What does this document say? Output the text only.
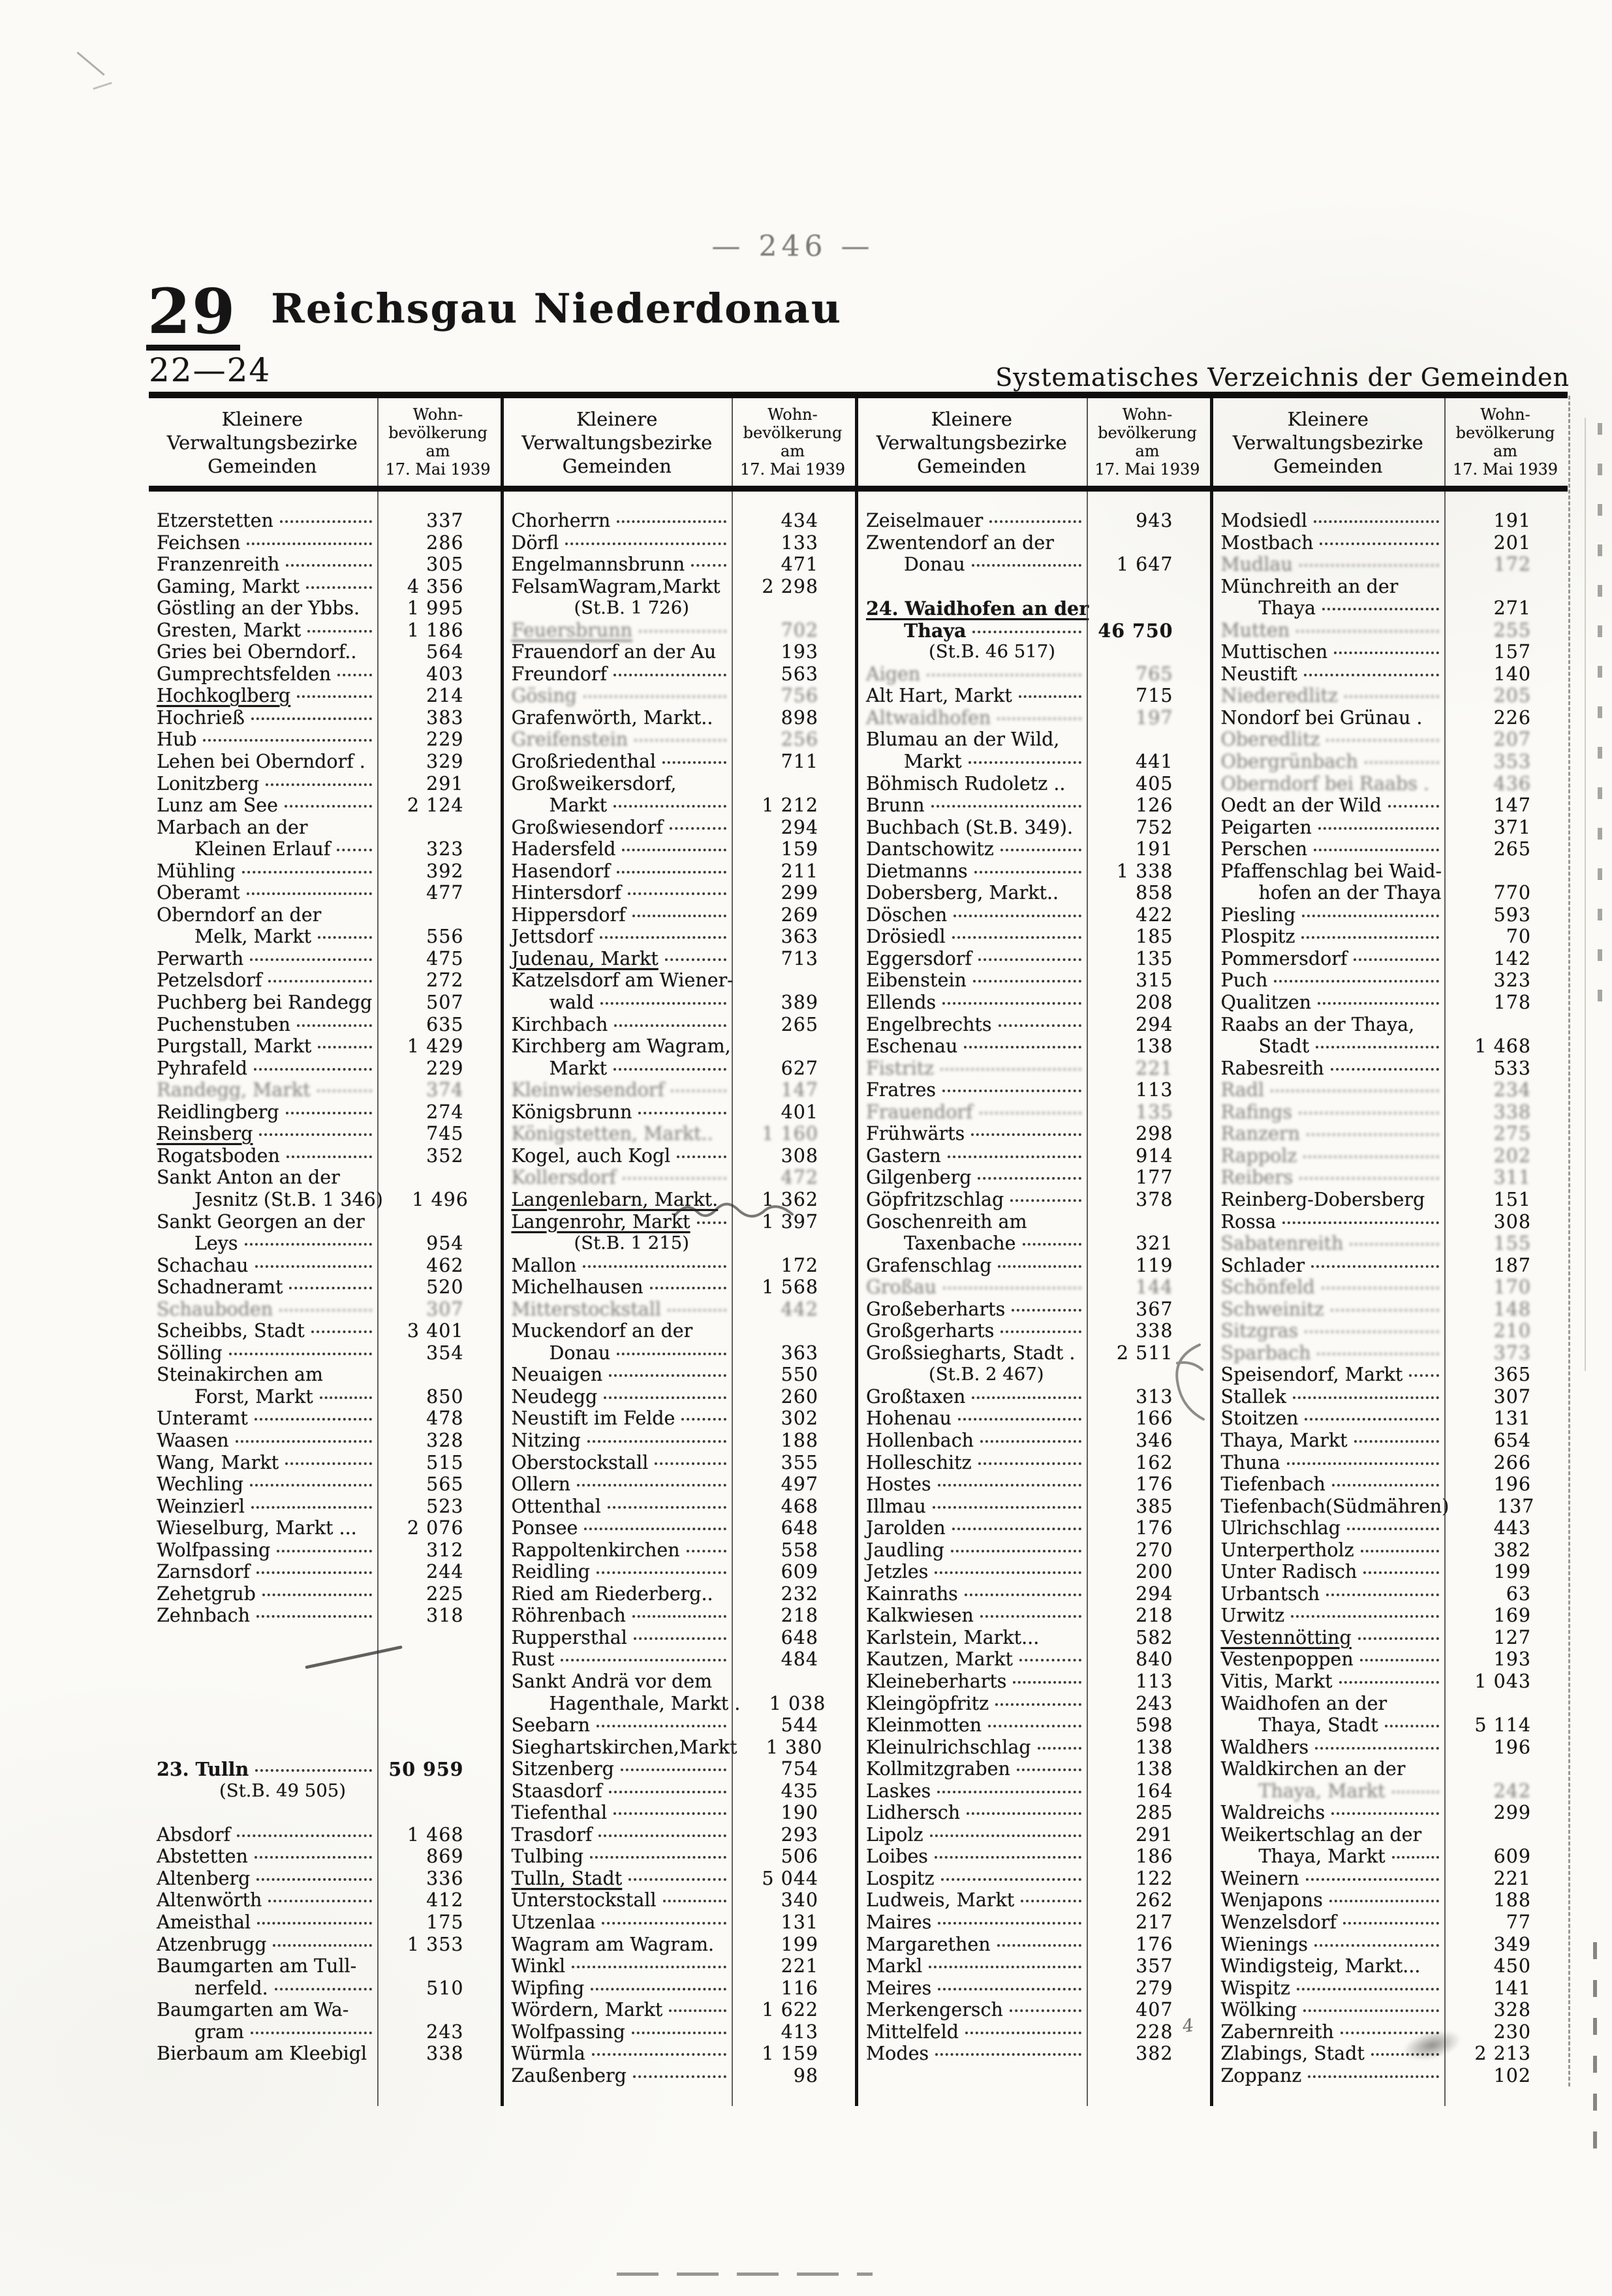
— 246 —
29 Reichsgau Niederdonau
22—24	Systematisches Verzeichnis der Gemeinden
Kleinere
Verwaltungsbezirke
Gemeinden
Wohn-
bevölkerung
am
17. Mai 1939
Kleinere
Verwaltungsbezirke
Gemeinden
Wohn-
bevölkerung
am
17. Mai 1939
Kleinere
Verwaltungsbezirke
Gemeinden
Wohn-
bevölkerung
am
17. Mai 1939
Kleinere
Verwaltungsbezirke
Gemeinden
Wohn-
bevölkerung
am
17. Mai 1939
Etzerstetten	337
Feichsen	286
Franzenreith	305
Gaming, Markt	4 356
Göstling an der Ybbs.	1 995
Gresten, Markt	1 186
Gries bei Oberndorf..	564
Gumprechtsfelden	403
Hochkoglberg	214
Hochrieß	383
Hub	229
Lehen bei Oberndorf .	329
Lonitzberg	291
Lunz am See	2 124
Marbach an der
Kleinen Erlauf	323
Mühling	392
Oberamt	477
Oberndorf an der
Melk, Markt	556
Perwarth	475
Petzelsdorf	272
Puchberg bei Randegg	507
Puchenstuben	635
Purgstall, Markt	1 429
Pyhrafeld	229
Randegg, Markt	374
Reidlingberg	274
Reinsberg	745
Rogatsboden	352
Sankt Anton an der
Jesnitz (St.B. 1 346)	1 496
Sankt Georgen an der
Leys	954
Schachau	462
Schadneramt	520
Schauboden	307
Scheibbs, Stadt	3 401
Sölling	354
Steinakirchen am
Forst, Markt	850
Unteramt	478
Waasen	328
Wang, Markt	515
Wechling	565
Weinzierl	523
Wieselburg, Markt ...	2 076
Wolfpassing	312
Zarnsdorf	244
Zehetgrub	225
Zehnbach	318
23. Tulln	50 959
(St.B. 49 505)
Absdorf	1 468
Abstetten	869
Altenberg	336
Altenwörth	412
Ameisthal	175
Atzenbrugg	1 353
Baumgarten am Tull-
nerfeld.	510
Baumgarten am Wa-
gram	243
Bierbaum am Kleebigl	338
Chorherrn	434
Dörfl	133
Engelmannsbrunn	471
FelsamWagram,Markt	2 298
(St.B. 1 726)
Feuersbrunn	702
Frauendorf an der Au	193
Freundorf	563
Gösing	756
Grafenwörth, Markt..	898
Greifenstein	256
Großriedenthal	711
Großweikersdorf,
Markt	1 212
Großwiesendorf	294
Hadersfeld	159
Hasendorf	211
Hintersdorf	299
Hippersdorf	269
Jettsdorf	363
Judenau, Markt	713
Katzelsdorf am Wiener-
wald	389
Kirchbach	265
Kirchberg am Wagram,
Markt	627
Kleinwiesendorf	147
Königsbrunn	401
Königstetten, Markt..	1 160
Kogel, auch Kogl	308
Kollersdorf	472
Langenlebarn, Markt.	1 362
Langenrohr, Markt	1 397
(St.B. 1 215)
Mallon	172
Michelhausen	1 568
Mitterstockstall	442
Muckendorf an der
Donau	363
Neuaigen	550
Neudegg	260
Neustift im Felde	302
Nitzing	188
Oberstockstall	355
Ollern	497
Ottenthal	468
Ponsee	648
Rappoltenkirchen	558
Reidling	609
Ried am Riederberg..	232
Röhrenbach	218
Ruppersthal	648
Rust	484
Sankt Andrä vor dem
Hagenthale, Markt .	1 038
Seebarn	544
Sieghartskirchen,Markt	1 380
Sitzenberg	754
Staasdorf	435
Tiefenthal	190
Trasdorf	293
Tulbing	506
Tulln, Stadt	5 044
Unterstockstall	340
Utzenlaa	131
Wagram am Wagram.	199
Winkl	221
Wipfing	116
Wördern, Markt	1 622
Wolfpassing	413
Würmla	1 159
Zaußenberg	98
Zeiselmauer	943
Zwentendorf an der
Donau	1 647
24. Waidhofen an der
Thaya	46 750
(St.B. 46 517)
Aigen	765
Alt Hart, Markt	715
Altwaidhofen	197
Blumau an der Wild,
Markt	441
Böhmisch Rudoletz ..	405
Brunn	126
Buchbach (St.B. 349).	752
Dantschowitz	191
Dietmanns	1 338
Dobersberg, Markt..	858
Döschen	422
Drösiedl	185
Eggersdorf	135
Eibenstein	315
Ellends	208
Engelbrechts	294
Eschenau	138
Fistritz	221
Fratres	113
Frauendorf	135
Frühwärts	298
Gastern	914
Gilgenberg	177
Göpfritzschlag	378
Goschenreith am
Taxenbache	321
Grafenschlag	119
Großau	144
Großeberharts	367
Großgerharts	338
Großsiegharts, Stadt .	2 511
(St.B. 2 467)
Großtaxen	313
Hohenau	166
Hollenbach	346
Holleschitz	162
Hostes	176
Illmau	385
Jarolden	176
Jaudling	270
Jetzles	200
Kainraths	294
Kalkwiesen	218
Karlstein, Markt...	582
Kautzen, Markt	840
Kleineberharts	113
Kleingöpfritz	243
Kleinmotten	598
Kleinulrichschlag	138
Kollmitzgraben	138
Laskes	164
Lidhersch	285
Lipolz	291
Loibes	186
Lospitz	122
Ludweis, Markt	262
Maires	217
Margarethen	176
Markl	357
Meires	279
Merkengersch	407
Mittelfeld	228
Modes	382
Modsiedl	191
Mostbach	201
Mudlau	172
Münchreith an der
Thaya	271
Mutten	255
Muttischen	157
Neustift	140
Niederedlitz	205
Nondorf bei Grünau .	226
Oberedlitz	207
Obergrünbach	353
Oberndorf bei Raabs .	436
Oedt an der Wild	147
Peigarten	371
Perschen	265
Pfaffenschlag bei Waid-
hofen an der Thaya	770
Piesling	593
Plospitz	70
Pommersdorf	142
Puch	323
Qualitzen	178
Raabs an der Thaya,
Stadt	1 468
Rabesreith	533
Radl	234
Rafings	338
Ranzern	275
Rappolz	202
Reibers	311
Reinberg-Dobersberg	151
Rossa	308
Sabatenreith	155
Schlader	187
Schönfeld	170
Schweinitz	148
Sitzgras	210
Sparbach	373
Speisendorf, Markt	365
Stallek	307
Stoitzen	131
Thaya, Markt	654
Thuna	266
Tiefenbach	196
Tiefenbach(Südmähren)	137
Ulrichschlag	443
Unterpertholz	382
Unter Radisch	199
Urbantsch	63
Urwitz	169
Vestennötting	127
Vestenpoppen	193
Vitis, Markt	1 043
Waidhofen an der
Thaya, Stadt	5 114
Waldhers	196
Waldkirchen an der
Thaya, Markt	242
Waldreichs	299
Weikertschlag an der
Thaya, Markt	609
Weinern	221
Wenjapons	188
Wenzelsdorf	77
Wienings	349
Windigsteig, Markt...	450
Wispitz	141
Wölking	328
Zabernreith	230
Zlabings, Stadt	2 213
Zoppanz	102
4
